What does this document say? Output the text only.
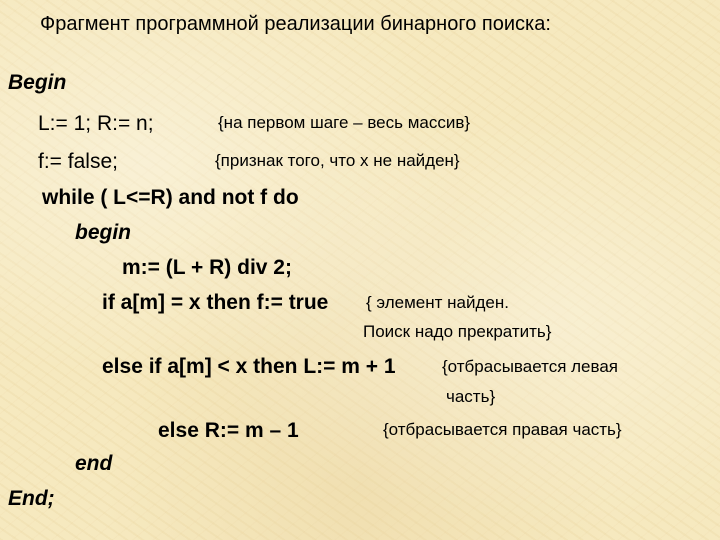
Фрагмент программной реализации бинарного поиска:
Begin
L:= 1; R:= n;	{на первом шаге – весь массив}
f:= false;	{признак того, что х не найден}
while ( L<=R) and not f do
begin
m:= (L + R) div 2;
if a[m] = x then f:= true { элемент найден.
Поиск надо прекратить}
else if a[m] < x then L:= m + 1	{отбрасывается левая
часть}
else R:= m – 1	{отбрасывается правая часть}
end
End;
